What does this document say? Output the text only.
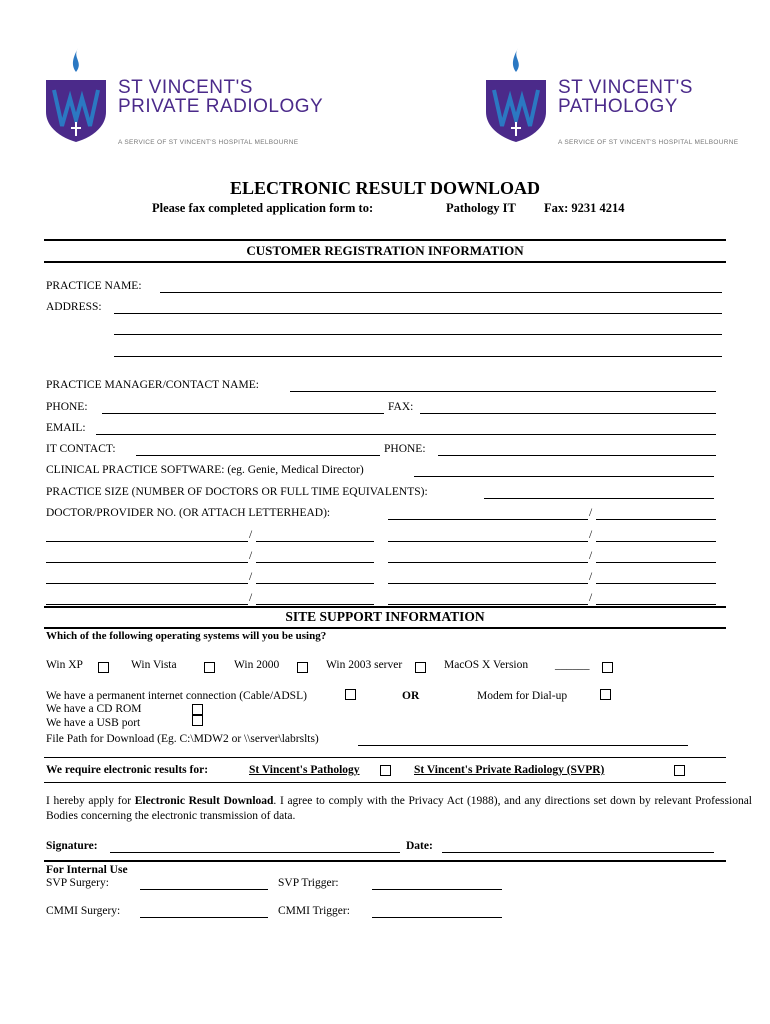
ST VINCENT'S
PRIVATE RADIOLOGY
A SERVICE OF ST VINCENT'S HOSPITAL MELBOURNE
ST VINCENT'S
PATHOLOGY
A SERVICE OF ST VINCENT'S HOSPITAL MELBOURNE
ELECTRONIC RESULT DOWNLOAD
Please fax completed application form to:	Pathology IT Fax: 9231 4214
CUSTOMER REGISTRATION INFORMATION
PRACTICE NAME:
ADDRESS:
PRACTICE MANAGER/CONTACT NAME:
PHONE:	FAX:
EMAIL:
IT CONTACT:	PHONE:
CLINICAL PRACTICE SOFTWARE: (eg. Genie, Medical Director)
PRACTICE SIZE (NUMBER OF DOCTORS OR FULL TIME EQUIVALENTS):
DOCTOR/PROVIDER NO. (OR ATTACH LETTERHEAD):	/
/	/
/	/
/	/
/	/
SITE SUPPORT INFORMATION
Which of the following operating systems will you be using?
Win XP	Win Vista	Win 2000	Win 2003 server	MacOS X Version ______
We have a permanent internet connection (Cable/ADSL)	OR	Modem for Dial-up
We have a CD ROM
We have a USB port
File Path for Download (Eg. C:\MDW2 or \\server\labrslts)
We require electronic results for:	St Vincent's Pathology	St Vincent's Private Radiology (SVPR)
I hereby apply for Electronic Result Download. I agree to comply with the Privacy Act (1988), and any directions set down by relevant Professional Bodies concerning the electronic transmission of data.
Signature:	Date:
For Internal Use
SVP Surgery:	SVP Trigger:
CMMI Surgery:	CMMI Trigger:
